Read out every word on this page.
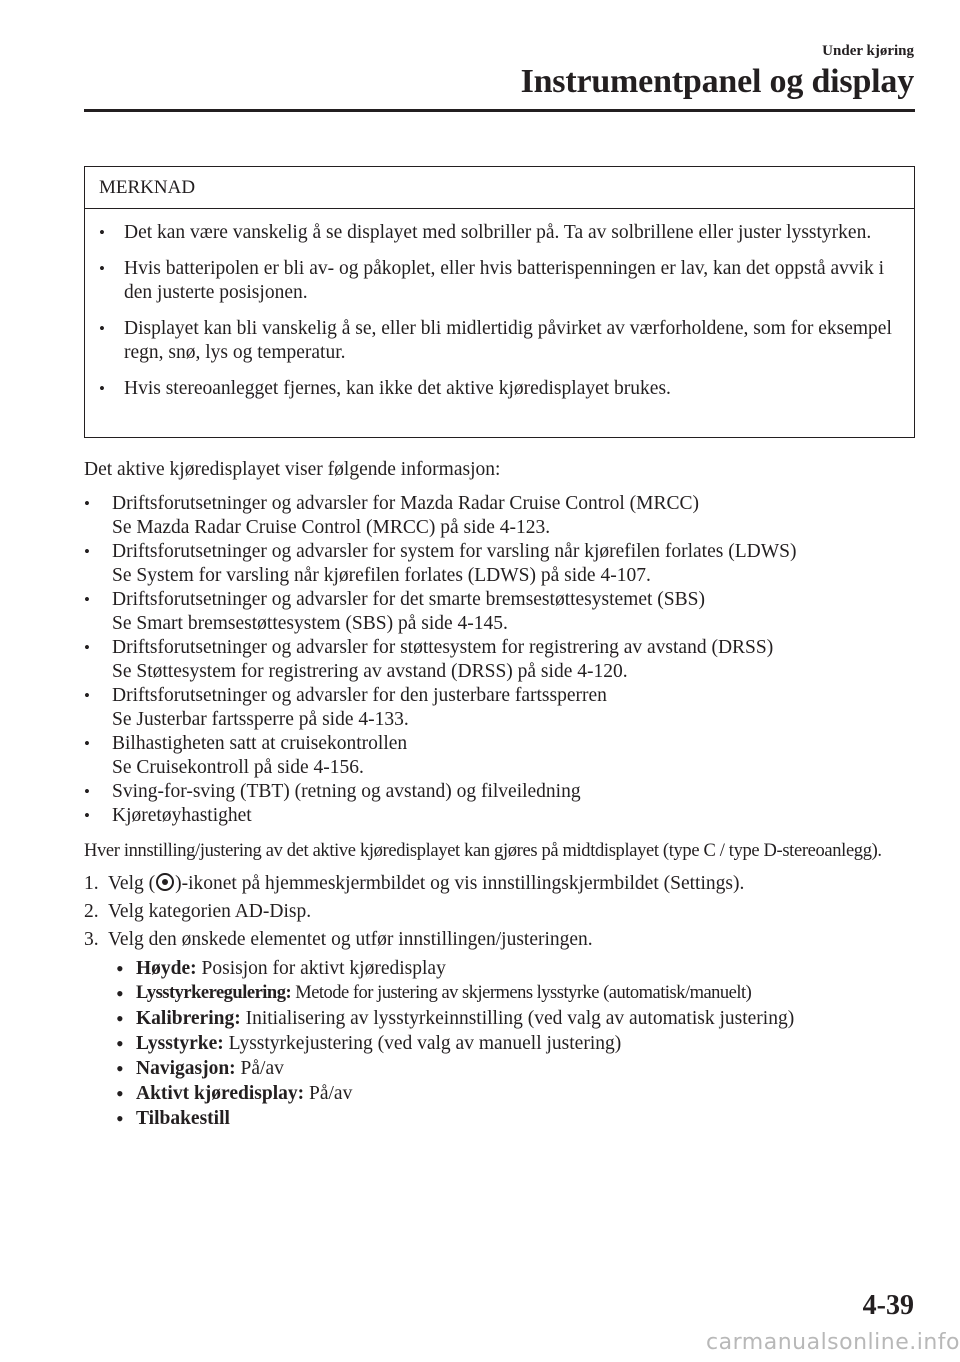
Under kjøring
Instrumentpanel og display
MERKNAD
• Det kan være vanskelig å se displayet med solbriller på. Ta av solbrillene eller juster lysstyrken.
• Hvis batteripolen er bli av- og påkoplet, eller hvis batterispenningen er lav, kan det oppstå avvik i den justerte posisjonen.
• Displayet kan bli vanskelig å se, eller bli midlertidig påvirket av værforholdene, som for eksempel regn, snø, lys og temperatur.
• Hvis stereoanlegget fjernes, kan ikke det aktive kjøredisplayet brukes.

Det aktive kjøredisplayet viser følgende informasjon:

• Driftsforutsetninger og advarsler for Mazda Radar Cruise Control (MRCC)
Se Mazda Radar Cruise Control (MRCC) på side 4-123.
• Driftsforutsetninger og advarsler for system for varsling når kjørefilen forlates (LDWS)
Se System for varsling når kjørefilen forlates (LDWS) på side 4-107.
• Driftsforutsetninger og advarsler for det smarte bremsestøttesystemet (SBS)
Se Smart bremsestøttesystem (SBS) på side 4-145.
• Driftsforutsetninger og advarsler for støttesystem for registrering av avstand (DRSS)
Se Støttesystem for registrering av avstand (DRSS) på side 4-120.
• Driftsforutsetninger og advarsler for den justerbare fartssperren
Se Justerbar fartssperre på side 4-133.
• Bilhastigheten satt at cruisekontrollen
Se Cruisekontroll på side 4-156.
• Sving-for-sving (TBT) (retning og avstand) og filveiledning
• Kjøretøyhastighet

Hver innstilling/justering av det aktive kjøredisplayet kan gjøres på midtdisplayet (type C / type D-stereoanlegg).

1. Velg ( )-ikonet på hjemmeskjermbildet og vis innstillingskjermbildet (Settings).
2. Velg kategorien AD-Disp.
3. Velg den ønskede elementet og utfør innstillingen/justeringen.
• Høyde: Posisjon for aktivt kjøredisplay
• Lysstyrkeregulering: Metode for justering av skjermens lysstyrke (automatisk/manuelt)
• Kalibrering: Initialisering av lysstyrkeinnstilling (ved valg av automatisk justering)
• Lysstyrke: Lysstyrkejustering (ved valg av manuell justering)
• Navigasjon: På/av
• Aktivt kjøredisplay: På/av
• Tilbakestill
4-39
carmanualsonline.info
